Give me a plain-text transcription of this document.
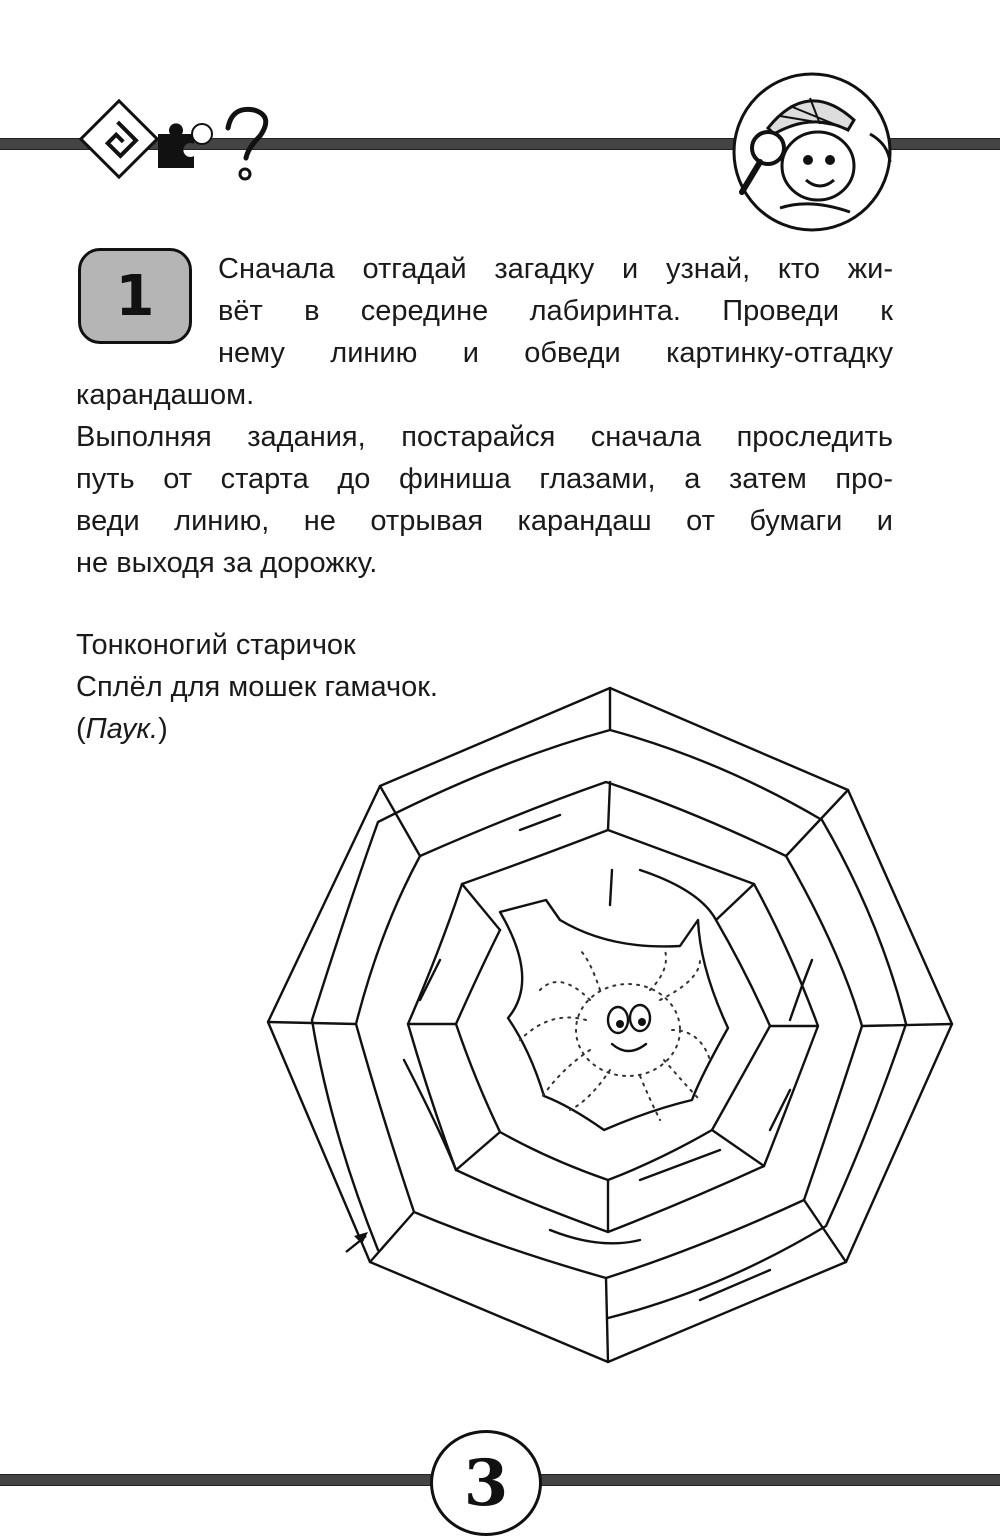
1 Сначала отгадай загадку и узнай, кто жи-
вёт в середине лабиринта. Проведи к
нему линию и обведи картинку-отгадку
карандашом.
Выполняя задания, постарайся сначала проследить
путь от старта до финиша глазами, а затем про-
веди линию, не отрывая карандаш от бумаги и
не выходя за дорожку.
Тонконогий старичок
Сплёл для мошек гамачок.
(Паук.)
3
